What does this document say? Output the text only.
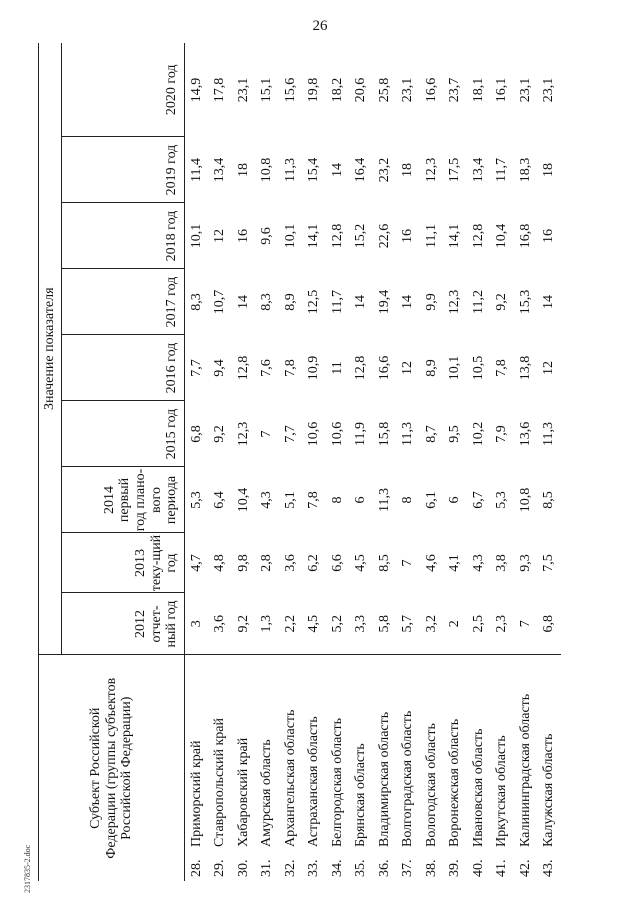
26
Субъект Российской Федерации (группы субъектов Российской Федерации)		Значение показателя								
		2012 отчет-ный год	2013 теку-щий год	2014 первый год плано-вого периода	2015 год	2016 год	2017 год	2018 год	2019 год	2020 год
28.	Приморский край	3	4,7	5,3	6,8	7,7	8,3	10,1	11,4	14,9
29.	Ставропольский край	3,6	4,8	6,4	9,2	9,4	10,7	12	13,4	17,8
30.	Хабаровский край	9,2	9,8	10,4	12,3	12,8	14	16	18	23,1
31.	Амурская область	1,3	2,8	4,3	7	7,6	8,3	9,6	10,8	15,1
32.	Архангельская область	2,2	3,6	5,1	7,7	7,8	8,9	10,1	11,3	15,6
33.	Астраханская область	4,5	6,2	7,8	10,6	10,9	12,5	14,1	15,4	19,8
34.	Белгородская область	5,2	6,6	8	10,6	11	11,7	12,8	14	18,2
35.	Брянская область	3,3	4,5	6	11,9	12,8	14	15,2	16,4	20,6
36.	Владимирская область	5,8	8,5	11,3	15,8	16,6	19,4	22,6	23,2	25,8
37.	Волгоградская область	5,7	7	8	11,3	12	14	16	18	23,1
38.	Вологодская область	3,2	4,6	6,1	8,7	8,9	9,9	11,1	12,3	16,6
39.	Воронежская область	2	4,1	6	9,5	10,1	12,3	14,1	17,5	23,7
40.	Ивановская область	2,5	4,3	6,7	10,2	10,5	11,2	12,8	13,4	18,1
41.	Иркутская область	2,3	3,8	5,3	7,9	7,8	9,2	10,4	11,7	16,1
42.	Калининградская область	7	9,3	10,8	13,6	13,8	15,3	16,8	18,3	23,1
43.	Калужская область	6,8	7,5	8,5	11,3	12	14	16	18	23,1
2317835-2.doc
